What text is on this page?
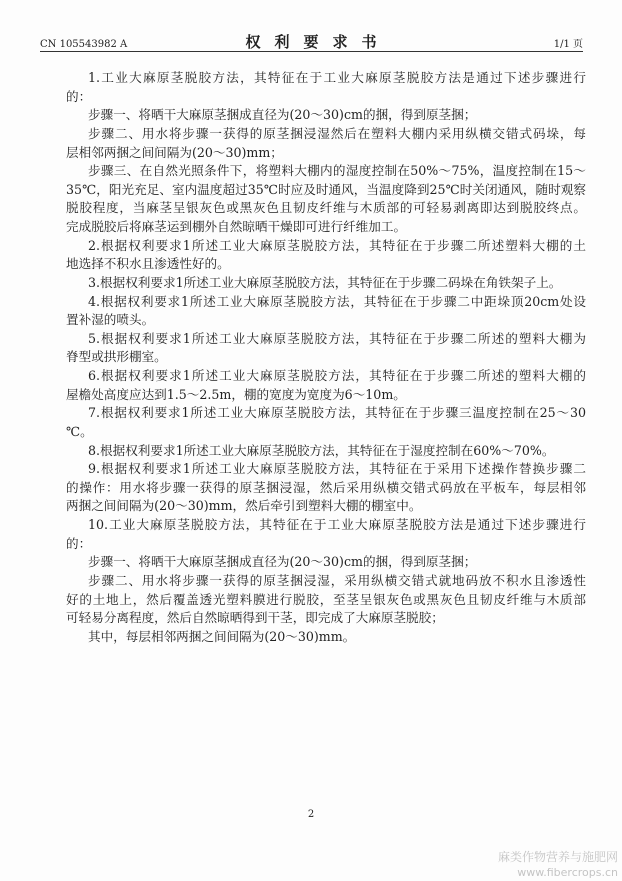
CN 105543982 A	权利要求书	1/1 页
1.工业大麻原茎脱胶方法，其特征在于工业大麻原茎脱胶方法是通过下述步骤进行
的：
步骤一、将晒干大麻原茎捆成直径为(20～30)cm的捆，得到原茎捆；
步骤二、用水将步骤一获得的原茎捆浸湿然后在塑料大棚内采用纵横交错式码垛，每
层相邻两捆之间间隔为(20～30)mm；
步骤三、在自然光照条件下，将塑料大棚内的湿度控制在50%～75%，温度控制在15～
35℃，阳光充足、室内温度超过35℃时应及时通风，当温度降到25℃时关闭通风，随时观察
脱胶程度，当麻茎呈银灰色或黑灰色且韧皮纤维与木质部的可轻易剥离即达到脱胶终点。
完成脱胶后将麻茎运到棚外自然晾晒干燥即可进行纤维加工。
2.根据权利要求1所述工业大麻原茎脱胶方法，其特征在于步骤二所述塑料大棚的土
地选择不积水且渗透性好的。
3.根据权利要求1所述工业大麻原茎脱胶方法，其特征在于步骤二码垛在角铁架子上。
4.根据权利要求1所述工业大麻原茎脱胶方法，其特征在于步骤二中距垛顶20cm处设
置补湿的喷头。
5.根据权利要求1所述工业大麻原茎脱胶方法，其特征在于步骤二所述的塑料大棚为
脊型或拱形棚室。
6.根据权利要求1所述工业大麻原茎脱胶方法，其特征在于步骤二所述的塑料大棚的
屋檐处高度应达到1.5～2.5m，棚的宽度为宽度为6～10m。
7.根据权利要求1所述工业大麻原茎脱胶方法，其特征在于步骤三温度控制在25～30
℃。
8.根据权利要求1所述工业大麻原茎脱胶方法，其特征在于湿度控制在60%～70%。
9.根据权利要求1所述工业大麻原茎脱胶方法，其特征在于采用下述操作替换步骤二
的操作：用水将步骤一获得的原茎捆浸湿，然后采用纵横交错式码放在平板车，每层相邻
两捆之间间隔为(20～30)mm，然后牵引到塑料大棚的棚室中。
10.工业大麻原茎脱胶方法，其特征在于工业大麻原茎脱胶方法是通过下述步骤进行
的：
步骤一、将晒干大麻原茎捆成直径为(20～30)cm的捆，得到原茎捆；
步骤二、用水将步骤一获得的原茎捆浸湿，采用纵横交错式就地码放不积水且渗透性
好的土地上，然后覆盖透光塑料膜进行脱胶，至茎呈银灰色或黑灰色且韧皮纤维与木质部
可轻易分离程度，然后自然晾晒得到干茎，即完成了大麻原茎脱胶；
其中，每层相邻两捆之间间隔为(20～30)mm。
2
麻类作物营养与施肥网
www.fibercrops.cn
